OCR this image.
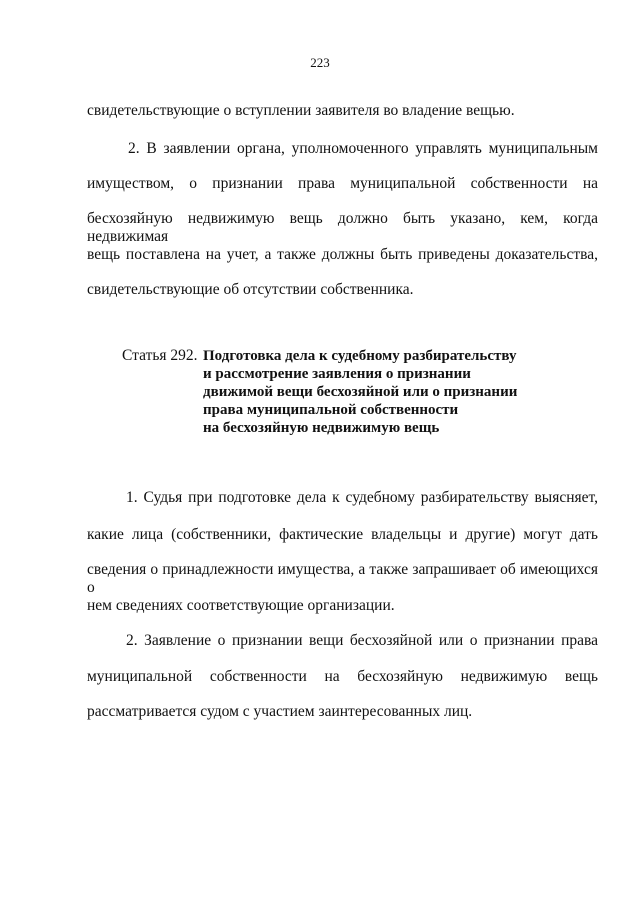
223
свидетельствующие о вступлении заявителя во владение вещью.
2. В заявлении органа, уполномоченного управлять муниципальным
имуществом, о признании права муниципальной собственности на
бесхозяйную недвижимую вещь должно быть указано, кем, когда недвижимая
вещь поставлена на учет, а также должны быть приведены доказательства,
свидетельствующие об отсутствии собственника.
Статья 292. Подготовка дела к судебному разбирательству
и рассмотрение заявления о признании
движимой вещи бесхозяйной или о признании
права муниципальной собственности
на бесхозяйную недвижимую вещь
1. Судья при подготовке дела к судебному разбирательству выясняет,
какие лица (собственники, фактические владельцы и другие) могут дать
сведения о принадлежности имущества, а также запрашивает об имеющихся о
нем сведениях соответствующие организации.
2. Заявление о признании вещи бесхозяйной или о признании права
муниципальной собственности на бесхозяйную недвижимую вещь
рассматривается судом с участием заинтересованных лиц.
